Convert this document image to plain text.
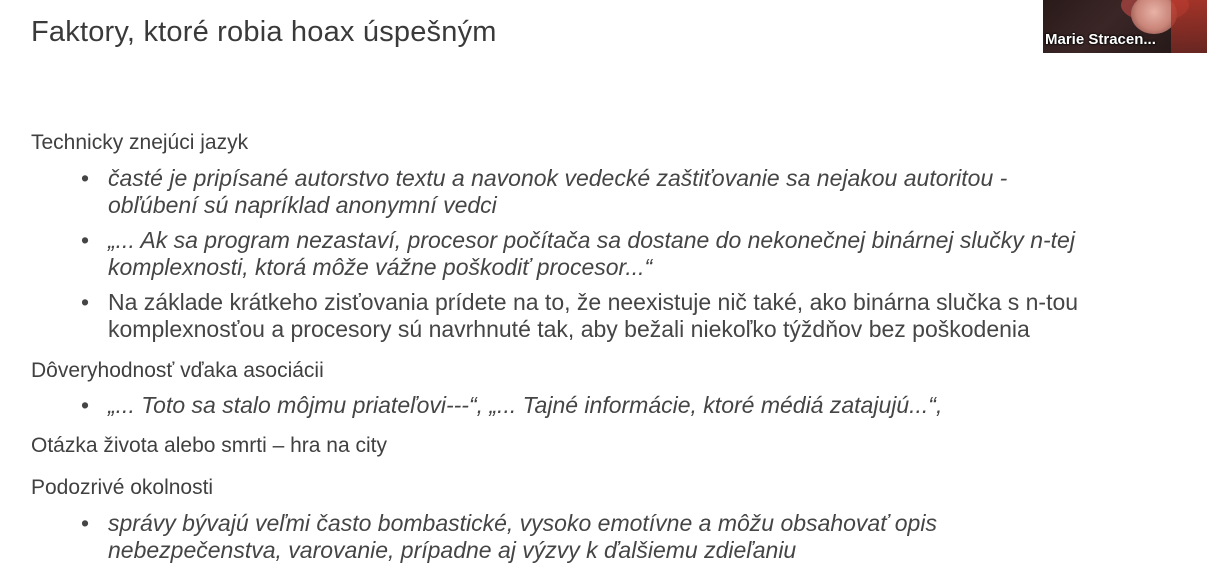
Faktory, ktoré robia hoax úspešným
Technicky znejúci jazyk
• časté je pripísané autorstvo textu a navonok vedecké zaštiťovanie sa nejakou autoritou -
obľúbení sú napríklad anonymní vedci
• „... Ak sa program nezastaví, procesor počítača sa dostane do nekonečnej binárnej slučky n-tej
komplexnosti, ktorá môže vážne poškodiť procesor...“
• Na základe krátkeho zisťovania prídete na to, že neexistuje nič také, ako binárna slučka s n-tou
komplexnosťou a procesory sú navrhnuté tak, aby bežali niekoľko týždňov bez poškodenia
Dôveryhodnosť vďaka asociácii
• „... Toto sa stalo môjmu priateľovi---“, „... Tajné informácie, ktoré médiá zatajujú...“,
Otázka života alebo smrti – hra na city
Podozrivé okolnosti
• správy bývajú veľmi často bombastické, vysoko emotívne a môžu obsahovať opis
nebezpečenstva, varovanie, prípadne aj výzvy k ďalšiemu zdieľaniu
Marie Stracen...
